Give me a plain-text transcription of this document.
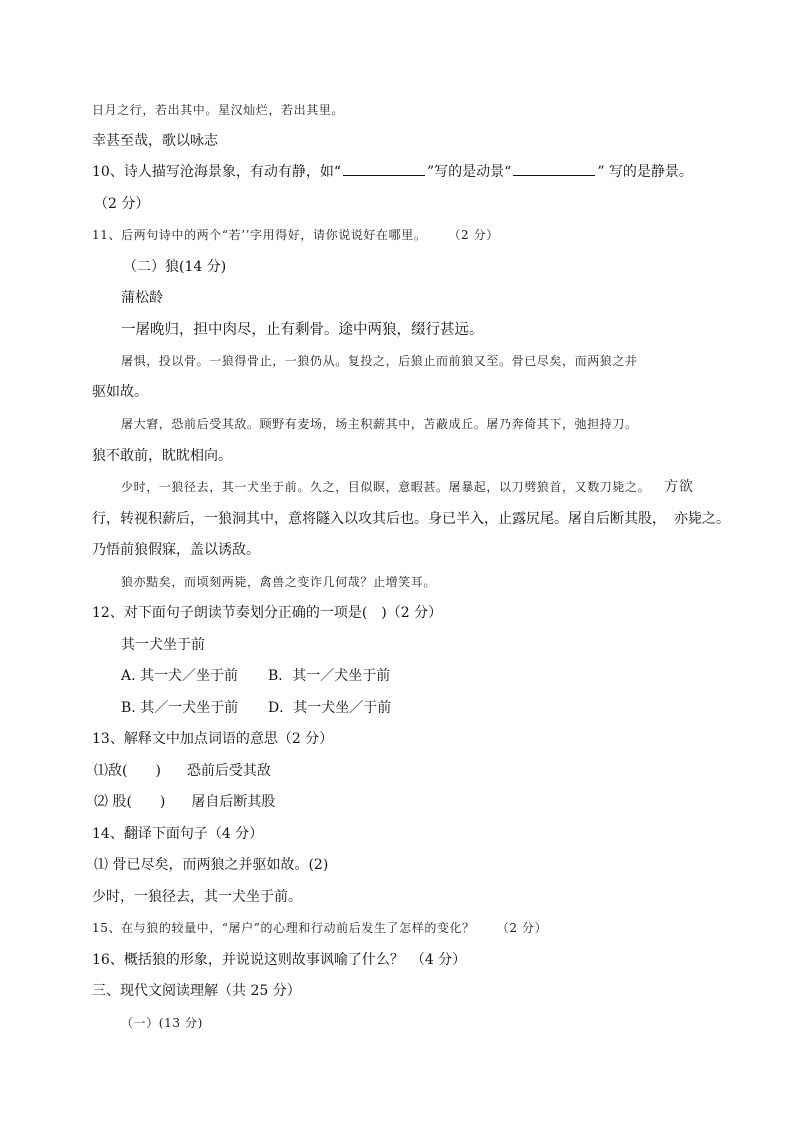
日月之行，若出其中。星汉灿烂，若出其里。
幸甚至哉，歌以咏志
10、诗人描写沧海景象，有动有静，如“	”写的是动景“	” 写的是静景。
（2 分）
11、后两句诗中的两个“若’’字用得好，请你说说好在哪里。 （2 分）
（二）狼(14 分)
蒲松龄
一屠晚归，担中肉尽，止有剩骨。途中两狼，缀行甚远。
屠惧，投以骨。一狼得骨止，一狼仍从。复投之，后狼止而前狼又至。骨已尽矣，而两狼之并
驱如故。
屠大窘，恐前后受其敌。顾野有麦场，场主积薪其中，苫蔽成丘。屠乃奔倚其下，弛担持刀。
狼不敢前，眈眈相向。
少时，一狼径去，其一犬坐于前。久之，目似瞑，意暇甚。屠暴起，以刀劈狼首，又数刀毙之。 方欲
行，转视积薪后，一狼洞其中，意将隧入以攻其后也。身已半入，止露尻尾。屠自后断其股， 亦毙之。
乃悟前狼假寐，盖以诱敌。
狼亦黠矣，而顷刻两毙，禽兽之变诈几何哉？止增笑耳。
12、对下面句子朗读节奏划分正确的一项是(　)（2 分）
其一犬坐于前
A. 其一犬／坐于前 B．其一／犬坐于前
B. 其／一犬坐于前 D．其一犬坐／于前
13、解释文中加点词语的意思（2 分）
⑴敌(　　) 恐前后受其敌
⑵ 股(　　) 屠自后断其股
14、翻译下面句子（4 分）
⑴ 骨已尽矣，而两狼之并驱如故。(2)
少时，一狼径去，其一犬坐于前。
15、在与狼的较量中，“屠户”的心理和行动前后发生了怎样的变化？ （2 分）
16、概括狼的形象，并说说这则故事讽喻了什么？　（4 分）
三、现代文阅读理解（共 25 分）
（一）(13 分)
